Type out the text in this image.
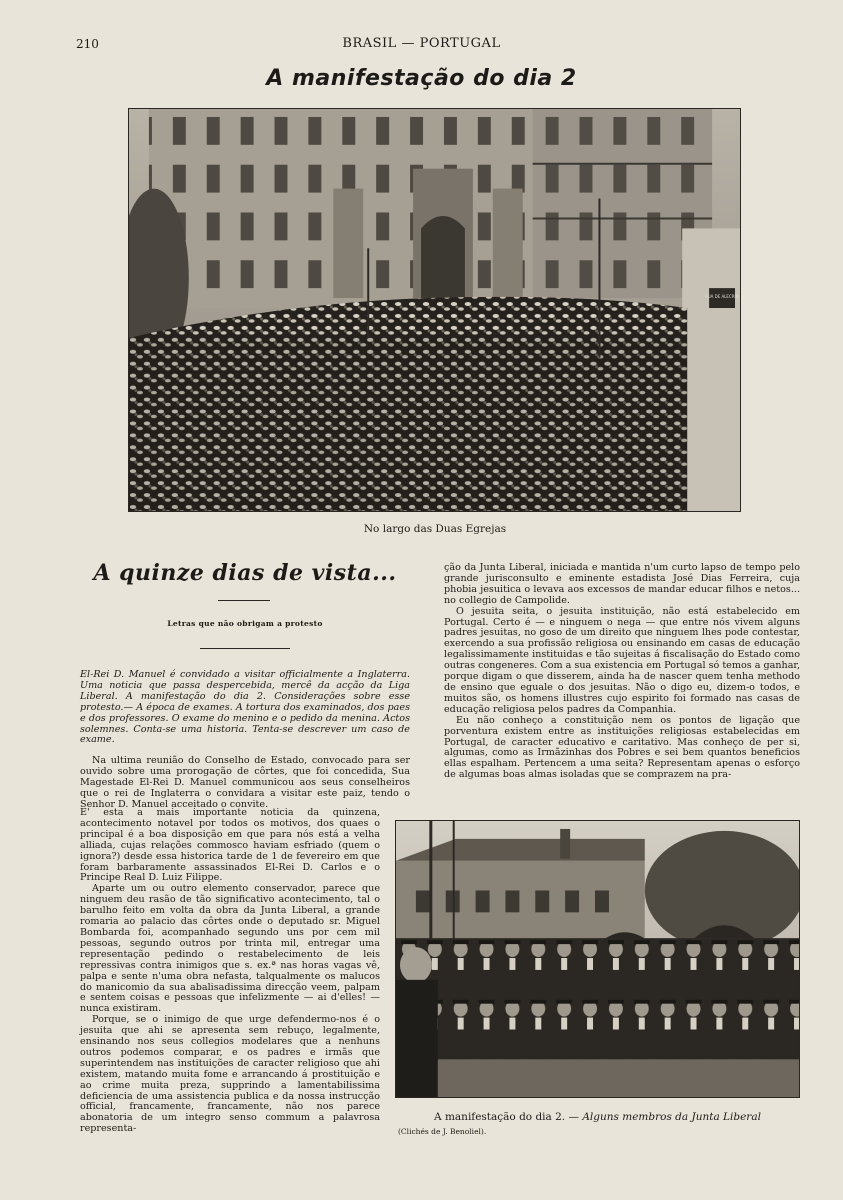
210	BRASIL — PORTUGAL
A manifestação do dia 2
RUA DE ALECRIM
No largo das Duas Egrejas
A quinze dias de vista...
Letras que não obrigam a protesto

El-Rei D. Manuel é convidado a visitar officialmente a Inglaterra. Uma noticia que passa despercebida, mercê da acção da Liga Liberal. A manifestação do dia 2. Considerações sobre esse protesto.— A época de exames. A tortura dos examinados, dos paes e dos professores. O exame do menino e o pedido da menina. Actos solemnes. Conta-se uma historia. Tenta-se descrever um caso de exame.

Na ultima reunião do Conselho de Estado, convocado para ser ouvido sobre uma prorogação de côrtes, que foi concedida, Sua Magestade El-Rei D. Manuel communicou aos seus conselheiros que o rei de Inglaterra o convidara a visitar este paiz, tendo o Senhor D. Manuel acceitado o convite.

E' esta a mais importante noticia da quinzena, acontecimento notavel por todos os motivos, dos quaes o principal é a boa disposição em que para nós está a velha alliada, cujas relações commosco haviam esfriado (quem o ignora?) desde essa historica tarde de 1 de fevereiro em que foram barbaramente assassinados El-Rei D. Carlos e o Principe Real D. Luiz Filippe.

Aparte um ou outro elemento conservador, parece que ninguem deu rasão de tão significativo acontecimento, tal o barulho feito em volta da obra da Junta Liberal, a grande romaria ao palacio das côrtes onde o deputado sr. Miguel Bombarda foi, acompanhado segundo uns por cem mil pessoas, segundo outros por trinta mil, entregar uma representação pedindo o restabelecimento de leis repressivas contra inimigos que s. ex.ª nas horas vagas vê, palpa e sente n'uma obra nefasta, talqualmente os malucos do manicomio da sua abalisadissima direcção veem, palpam e sentem coisas e pessoas que infelizmente — ai d'elles! — nunca existiram.

Porque, se o inimigo de que urge defendermo-nos é o jesuita que ahi se apresenta sem rebuço, legalmente, ensinando nos seus collegios modelares que a nenhuns outros podemos comparar, e os padres e irmãs que superintendem nas instituições de caracter religioso que ahi existem, matando muita fome e arrancando á prostituição e ao crime muita preza, supprindo a lamentabilissima deficiencia de uma assistencia publica e da nossa instrucção official, francamente, francamente, não nos parece abonatoria de um integro senso commum a palavrosa representa-

ção da Junta Liberal, iniciada e mantida n'um curto lapso de tempo pelo grande jurisconsulto e eminente estadista José Dias Ferreira, cuja phobia jesuitica o levava aos excessos de mandar educar filhos e netos... no collegio de Campolide.

O jesuita seita, o jesuita instituição, não está estabelecido em Portugal. Certo é — e ninguem o nega — que entre nós vivem alguns padres jesuitas, no goso de um direito que ninguem lhes pode contestar, exercendo a sua profissão religiosa ou ensinando em casas de educação legalissimamente instituidas e tão sujeitas á fiscalisação do Estado como outras congeneres. Com a sua existencia em Portugal só temos a ganhar, porque digam o que disserem, ainda ha de nascer quem tenha methodo de ensino que eguale o dos jesuitas. Não o digo eu, dizem-o todos, e muitos são, os homens illustres cujo espirito foi formado nas casas de educação religiosa pelos padres da Companhia.

Eu não conheço a constituição nem os pontos de ligação que porventura existem entre as instituições religiosas estabelecidas em Portugal, de caracter educativo e caritativo. Mas conheço de per si, algumas, como as Irmãzinhas dos Pobres e sei bem quantos beneficios ellas espalham. Pertencem a uma seita? Representam apenas o esforço de algumas boas almas isoladas que se comprazem na pra-

A manifestação do dia 2. — Alguns membros da Junta Liberal
(Clichés de J. Benoliel).
